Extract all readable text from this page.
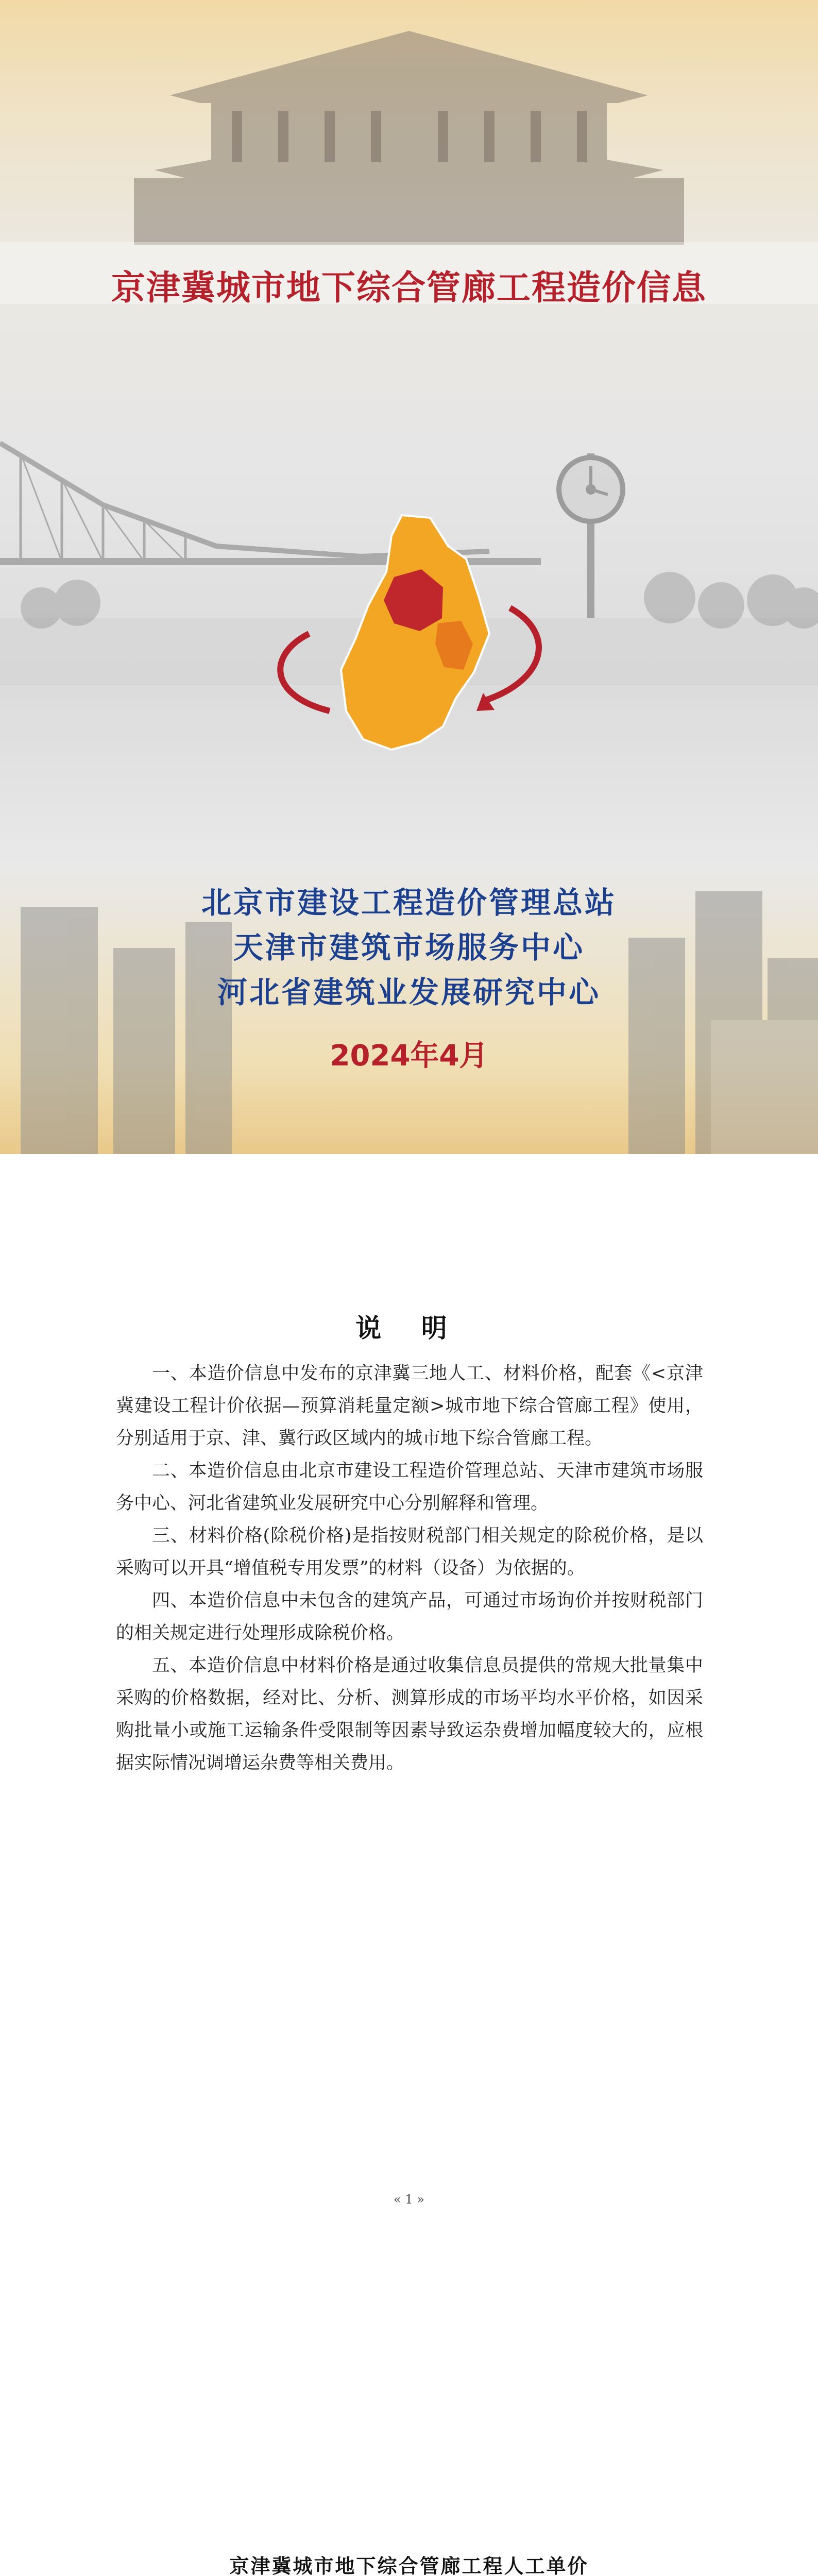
京津冀城市地下综合管廊工程造价信息
北京市建设工程造价管理总站
天津市建筑市场服务中心
河北省建筑业发展研究中心
2024年4月
说 明

一、本造价信息中发布的京津冀三地人工、材料价格，配套《<京津冀建设工程计价依据—预算消耗量定额>城市地下综合管廊工程》使用，分别适用于京、津、冀行政区域内的城市地下综合管廊工程。

二、本造价信息由北京市建设工程造价管理总站、天津市建筑市场服务中心、河北省建筑业发展研究中心分别解释和管理。

三、材料价格(除税价格)是指按财税部门相关规定的除税价格，是以采购可以开具“增值税专用发票”的材料（设备）为依据的。

四、本造价信息中未包含的建筑产品，可通过市场询价并按财税部门的相关规定进行处理形成除税价格。

五、本造价信息中材料价格是通过收集信息员提供的常规大批量集中采购的价格数据，经对比、分析、测算形成的市场平均水平价格，如因采购批量小或施工运输条件受限制等因素导致运杂费增加幅度较大的，应根据实际情况调增运杂费等相关费用。

« 1 »
京津冀城市地下综合管廊工程人工单价
